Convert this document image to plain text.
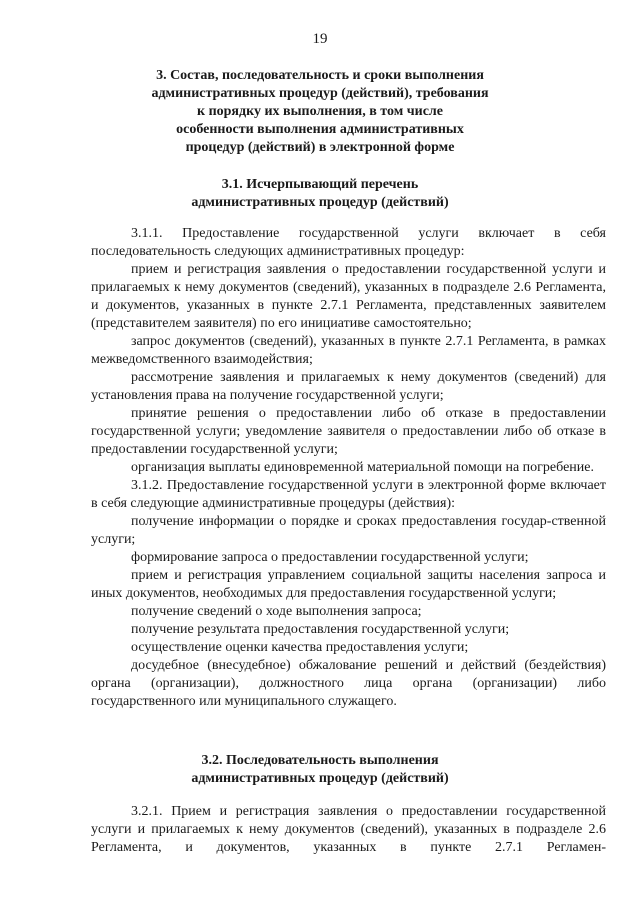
19
3. Состав, последовательность и сроки выполнения
административных процедур (действий), требования
к порядку их выполнения, в том числе
особенности выполнения административных
процедур (действий) в электронной форме
3.1. Исчерпывающий перечень
административных процедур (действий)

3.1.1. Предоставление государственной услуги включает в себя последовательность следующих административных процедур:

прием и регистрация заявления о предоставлении государственной услуги и прилагаемых к нему документов (сведений), указанных в подразделе 2.6 Регламента, и документов, указанных в пункте 2.7.1 Регламента, представленных заявителем (представителем заявителя) по его инициативе самостоятельно;

запрос документов (сведений), указанных в пункте 2.7.1 Регламента, в рамках межведомственного взаимодействия;

рассмотрение заявления и прилагаемых к нему документов (сведений) для установления права на получение государственной услуги;

принятие решения о предоставлении либо об отказе в предоставлении государственной услуги; уведомление заявителя о предоставлении либо об отказе в предоставлении государственной услуги;

организация выплаты единовременной материальной помощи на погребение.

3.1.2. Предоставление государственной услуги в электронной форме включает в себя следующие административные процедуры (действия):

получение информации о порядке и сроках предоставления государ-ственной услуги;

формирование запроса о предоставлении государственной услуги;

прием и регистрация управлением социальной защиты населения запроса и иных документов, необходимых для предоставления государственной услуги;

получение сведений о ходе выполнения запроса;

получение результата предоставления государственной услуги;

осуществление оценки качества предоставления услуги;

досудебное (внесудебное) обжалование решений и действий (бездействия) органа (организации), должностного лица органа (организации) либо государственного или муниципального служащего.

3.2. Последовательность выполнения
административных процедур (действий)

3.2.1. Прием и регистрация заявления о предоставлении государственной услуги и прилагаемых к нему документов (сведений), указанных в подразделе 2.6 Регламента, и документов, указанных в пункте 2.7.1 Регламен-
